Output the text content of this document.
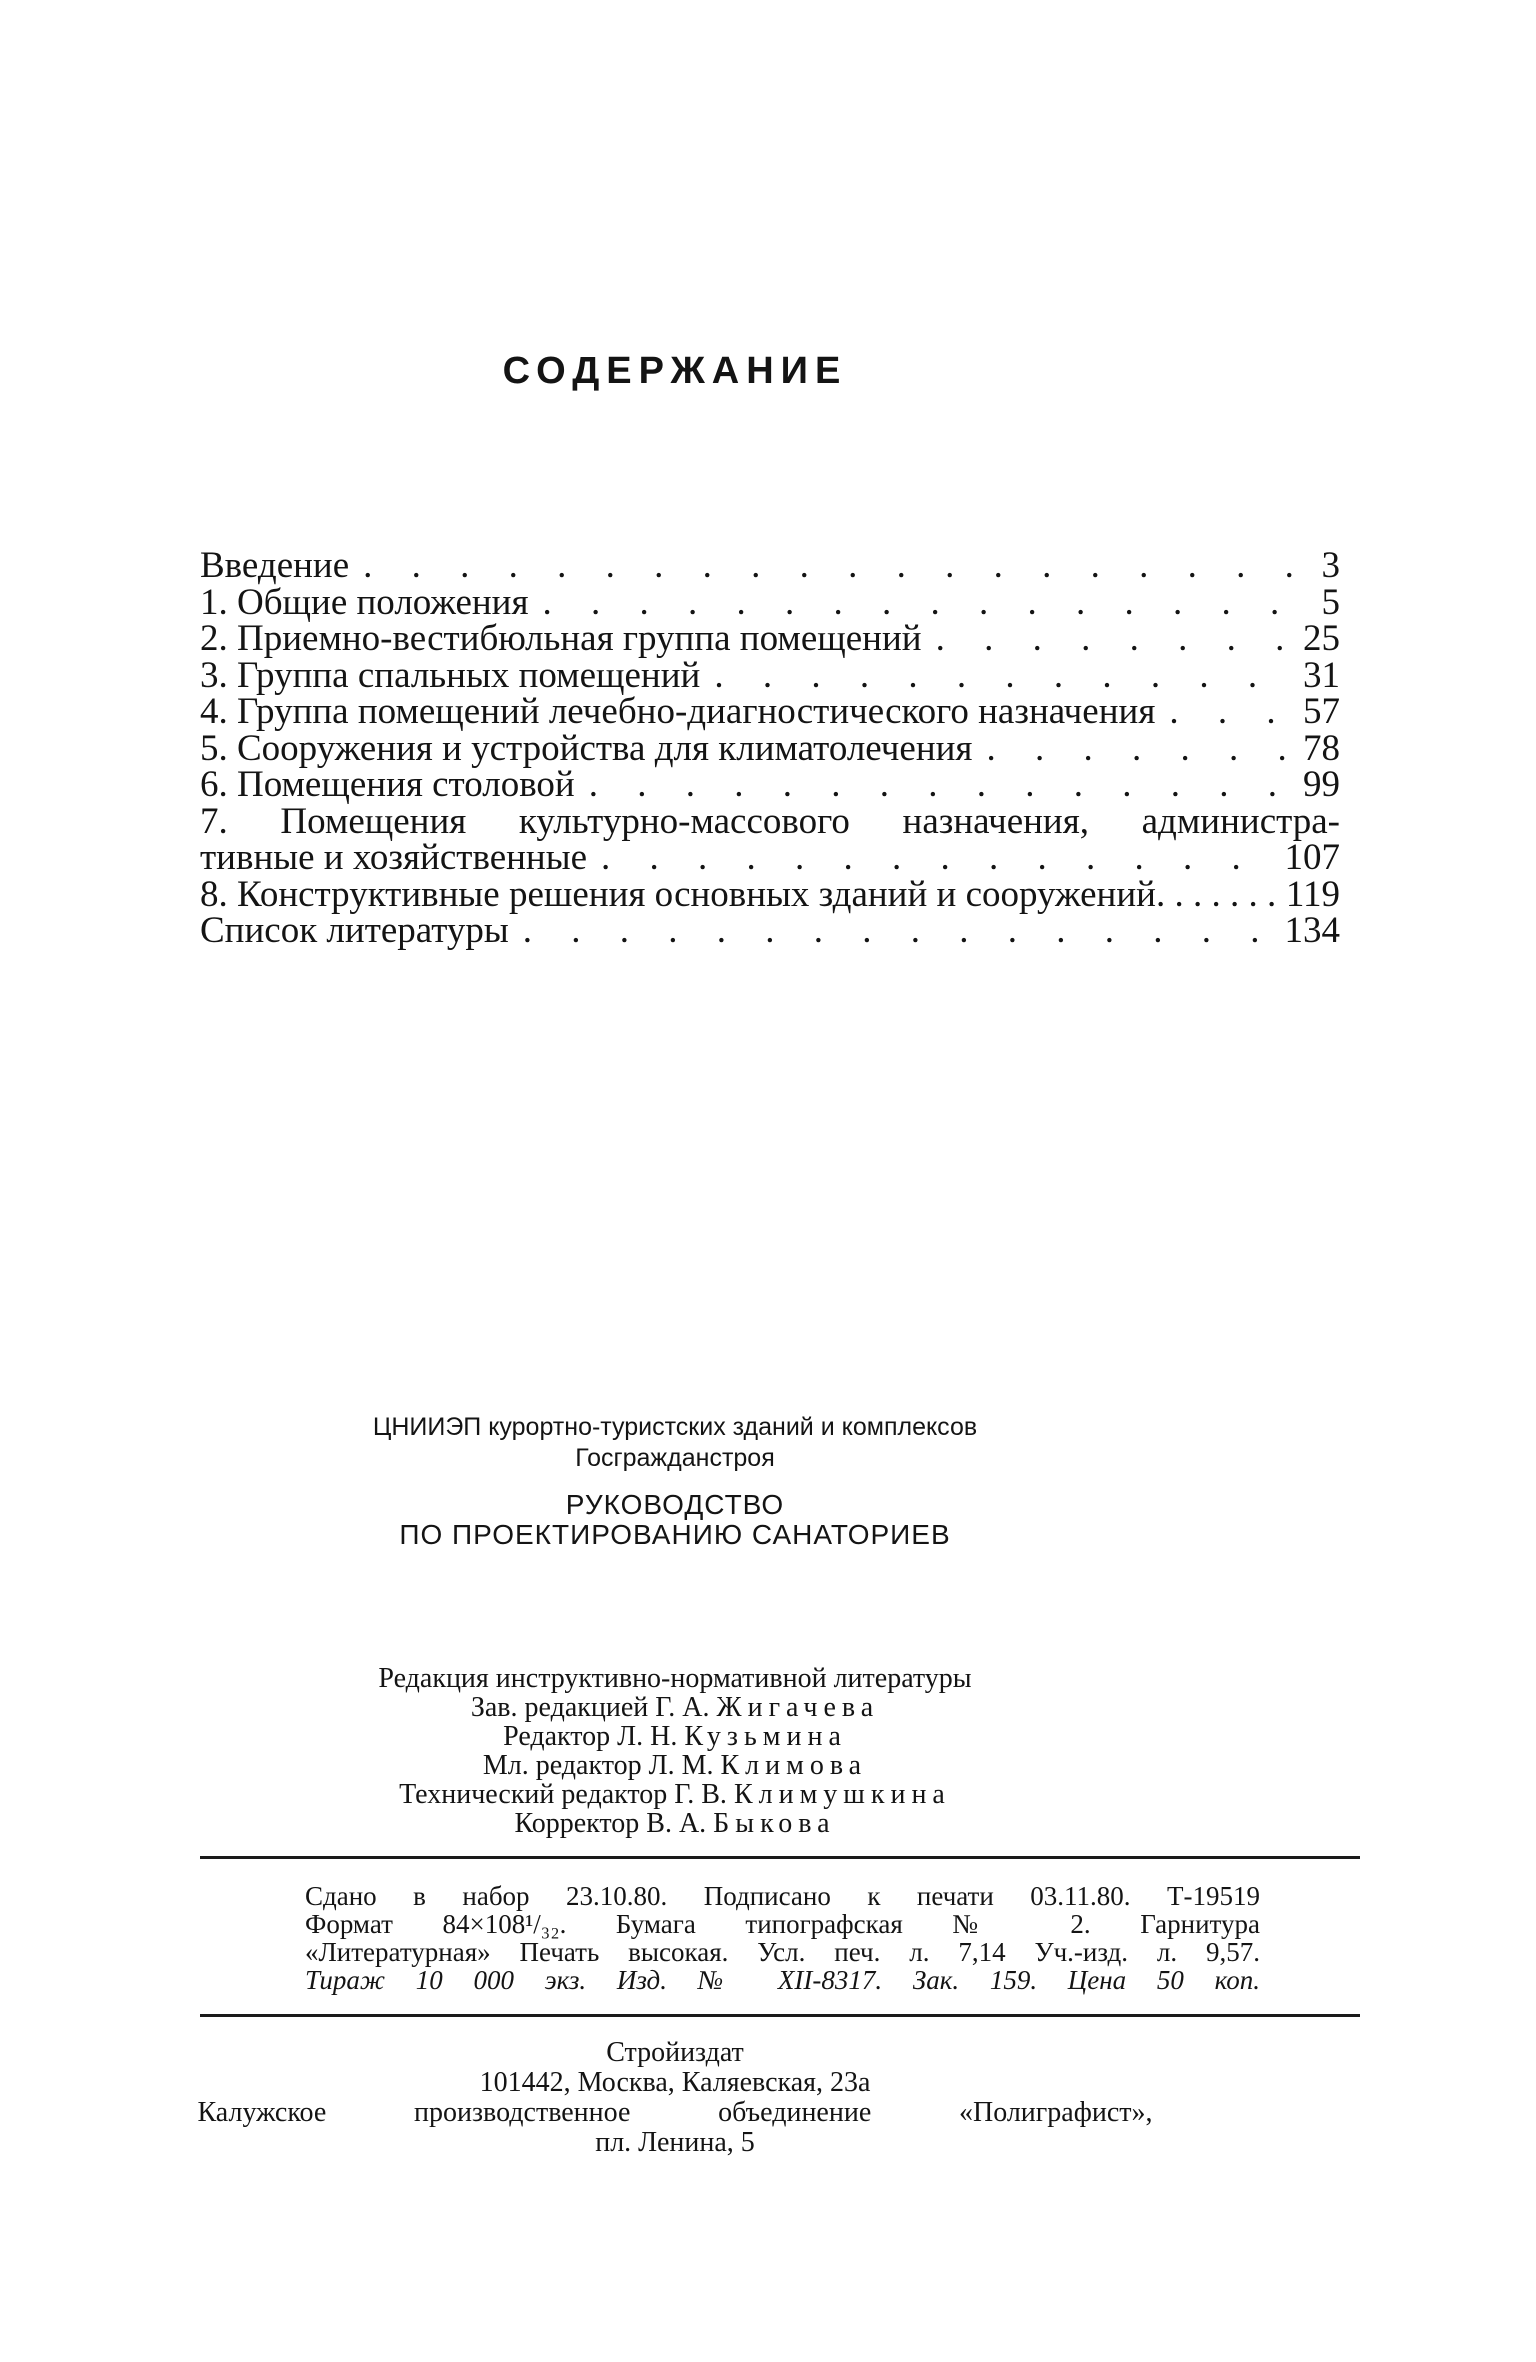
СОДЕРЖАНИЕ
Введение . . .	3
1. Общие положения . . .	5
2. Приемно-вестибюльная группа помещений . . .	25
3. Группа спальных помещений . . .	31
4. Группа помещений лечебно-диагностического назначения . . .	57
5. Сооружения и устройства для климатолечения . . .	78
6. Помещения столовой . . .	99
7. Помещения культурно-массового назначения, администра-
тивные и хозяйственные . . .	107
8. Конструктивные решения основных зданий и сооружений . . .	119
Список литературы . . .	134
ЦНИИЭП курортно-туристских зданий и комплексов
Госгражданстроя
РУКОВОДСТВО
ПО ПРОЕКТИРОВАНИЮ САНАТОРИЕВ
Редакция инструктивно-нормативной литературы
Зав. редакцией Г. А. Жигачева
Редактор Л. Н. Кузьмина
Мл. редактор Л. М. Климова
Технический редактор Г. В. Климушкина
Корректор В. А. Быкова
Сдано в набор 23.10.80. Подписано к печати 03.11.80. Т-19519
Формат 84×108¹/₃₂. Бумага типографская № 2. Гарнитура
«Литературная» Печать высокая. Усл. печ. л. 7,14 Уч.-изд. л. 9,57.
Тираж 10 000 экз. Изд. № XII-8317. Зак. 159. Цена 50 коп.
Стройиздат
101442, Москва, Каляевская, 23а
Калужское производственное объединение «Полиграфист»,
пл. Ленина, 5
